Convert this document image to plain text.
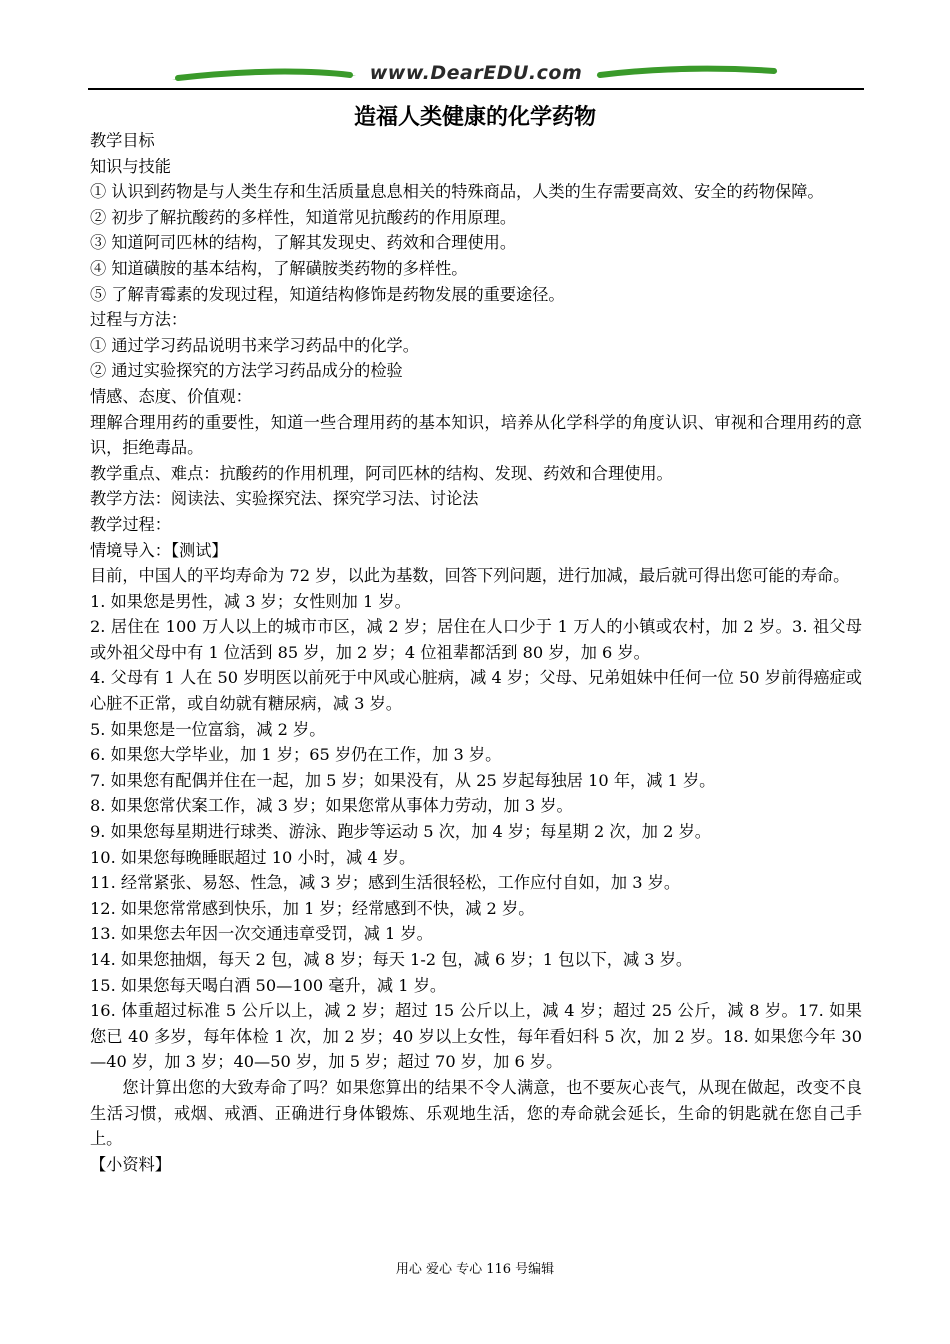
www.DearEDU.com
造福人类健康的化学药物

教学目标

知识与技能

① 认识到药物是与人类生存和生活质量息息相关的特殊商品，人类的生存需要高效、安全的药物保障。

② 初步了解抗酸药的多样性，知道常见抗酸药的作用原理。

③ 知道阿司匹林的结构，了解其发现史、药效和合理使用。

④ 知道磺胺的基本结构，了解磺胺类药物的多样性。

⑤ 了解青霉素的发现过程，知道结构修饰是药物发展的重要途径。

过程与方法：

① 通过学习药品说明书来学习药品中的化学。

② 通过实验探究的方法学习药品成分的检验

情感、态度、价值观：

理解合理用药的重要性，知道一些合理用药的基本知识，培养从化学科学的角度认识、审视和合理用药的意识，拒绝毒品。

教学重点、难点：抗酸药的作用机理，阿司匹林的结构、发现、药效和合理使用。

教学方法：阅读法、实验探究法、探究学习法、讨论法

教学过程：

情境导入：【测试】

目前，中国人的平均寿命为 72 岁，以此为基数，回答下列问题，进行加减，最后就可得出您可能的寿命。

1. 如果您是男性，减 3 岁；女性则加 1 岁。

2. 居住在 100 万人以上的城市市区，减 2 岁；居住在人口少于 1 万人的小镇或农村，加 2 岁。3. 祖父母或外祖父母中有 1 位活到 85 岁，加 2 岁；4 位祖辈都活到 80 岁，加 6 岁。

4. 父母有 1 人在 50 岁明医以前死于中风或心脏病，减 4 岁；父母、兄弟姐妹中任何一位 50 岁前得癌症或心脏不正常，或自幼就有糖尿病，减 3 岁。

5. 如果您是一位富翁，减 2 岁。

6. 如果您大学毕业，加 1 岁；65 岁仍在工作，加 3 岁。

7. 如果您有配偶并住在一起，加 5 岁；如果没有，从 25 岁起每独居 10 年，减 1 岁。

8. 如果您常伏案工作，减 3 岁；如果您常从事体力劳动，加 3 岁。

9. 如果您每星期进行球类、游泳、跑步等运动 5 次，加 4 岁；每星期 2 次，加 2 岁。

10. 如果您每晚睡眠超过 10 小时，减 4 岁。

11. 经常紧张、易怒、性急，减 3 岁；感到生活很轻松，工作应付自如，加 3 岁。

12. 如果您常常感到快乐，加 1 岁；经常感到不快，减 2 岁。

13. 如果您去年因一次交通违章受罚，减 1 岁。

14. 如果您抽烟，每天 2 包，减 8 岁；每天 1-2 包，减 6 岁；1 包以下，减 3 岁。

15. 如果您每天喝白酒 50—100 毫升，减 1 岁。

16. 体重超过标准 5 公斤以上，减 2 岁；超过 15 公斤以上，减 4 岁；超过 25 公斤，减 8 岁。17. 如果您已 40 多岁，每年体检 1 次，加 2 岁；40 岁以上女性，每年看妇科 5 次，加 2 岁。18. 如果您今年 30—40 岁，加 3 岁；40—50 岁，加 5 岁；超过 70 岁，加 6 岁。

您计算出您的大致寿命了吗？如果您算出的结果不令人满意，也不要灰心丧气，从现在做起，改变不良生活习惯，戒烟、戒酒、正确进行身体锻炼、乐观地生活，您的寿命就会延长，生命的钥匙就在您自己手上。

【小资料】

用心 爱心 专心 116 号编辑
